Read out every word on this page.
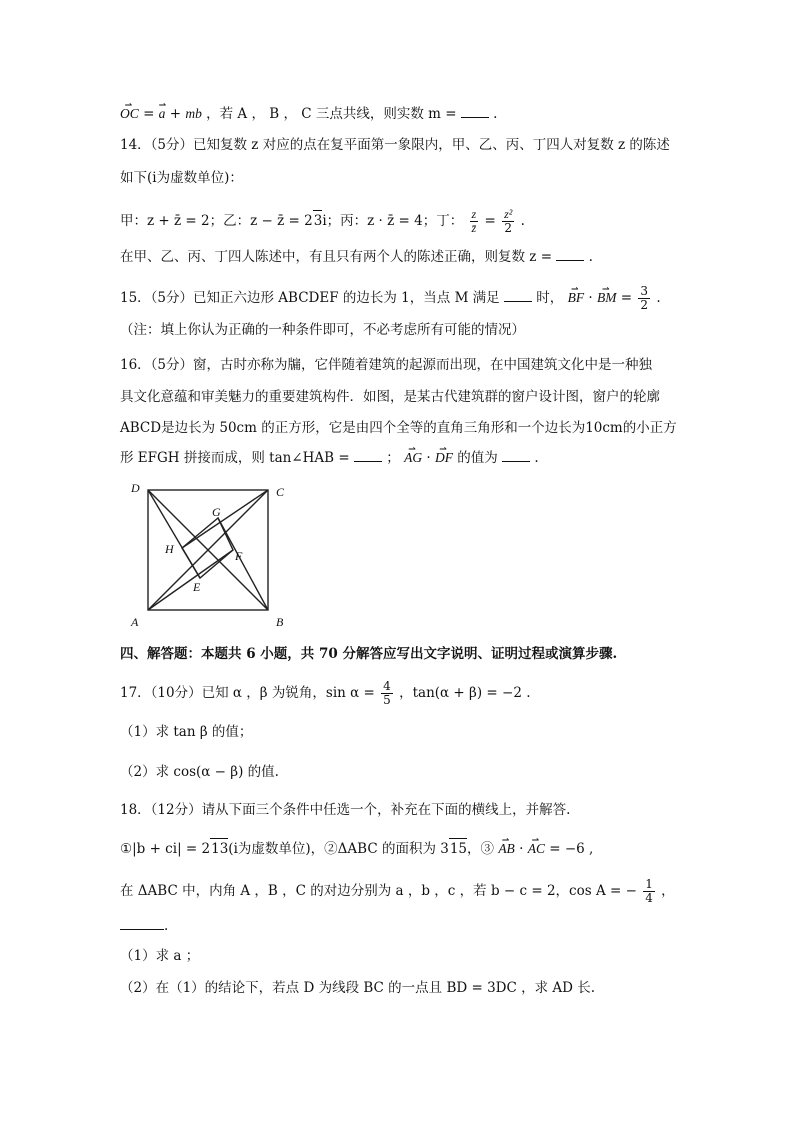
⇀ OC = ⇀ a + mb ，若 A ， B ， C 三点共线，则实数 m =	.
14．（5分）已知复数 z 对应的点在复平面第一象限内，甲、乙、丙、丁四人对复数 z 的陈述
如下(i为虚数单位)：
甲：z + z̄ = 2；乙：z − z̄ = 23i；丙：z · z̄ = 4；丁： $\frac{z}{z̄} = \frac{\text{z²}}{2}$ .
在甲、乙、丙、丁四人陈述中，有且只有两个人的陈述正确，则复数 z =	.
15．（5分）已知正六边形 ABCDEF 的边长为 1，当点 M 满足	时， ⇀ BF · ⇀ BM = $\frac{3}{2}$ .
（注：填上你认为正确的一种条件即可，不必考虑所有可能的情况）
16．（5分）窗，古时亦称为牖，它伴随着建筑的起源而出现，在中国建筑文化中是一种独
具文化意蕴和审美魅力的重要建筑构件．如图，是某古代建筑群的窗户设计图，窗户的轮廓
ABCD是边长为 50cm 的正方形，它是由四个全等的直角三角形和一个边长为10cm的小正方
形 EFGH 拼接而成，则 tan∠HAB =	； ⇀ AG · ⇀ DF 的值为	.
D	C
A	B
G
F
E
H
四、解答题：本题共 6 小题，共 70 分解答应写出文字说明、证明过程或演算步骤.
17．（10分）已知 α ，β 为锐角，$\sin \alpha = \frac{4}{5}$ ，tan(α + β) = −2 .
（1）求 tan β 的值；
（2）求 cos(α − β) 的值.
18．（12分）请从下面三个条件中任选一个，补充在下面的横线上，并解答.
①|b + ci| = 213(i为虚数单位)，②ΔABC 的面积为 315，③ ⇀ AB · ⇀ AC = −6 ,
在 ΔABC 中，内角 A ，B ，C 的对边分别为 a ，b ，c ，若 b − c = 2，cos A = − $\frac{1}{4}$ ，
.
（1）求 a ；
（2）在（1）的结论下，若点 D 为线段 BC 的一点且 BD = 3DC ，求 AD 长.
